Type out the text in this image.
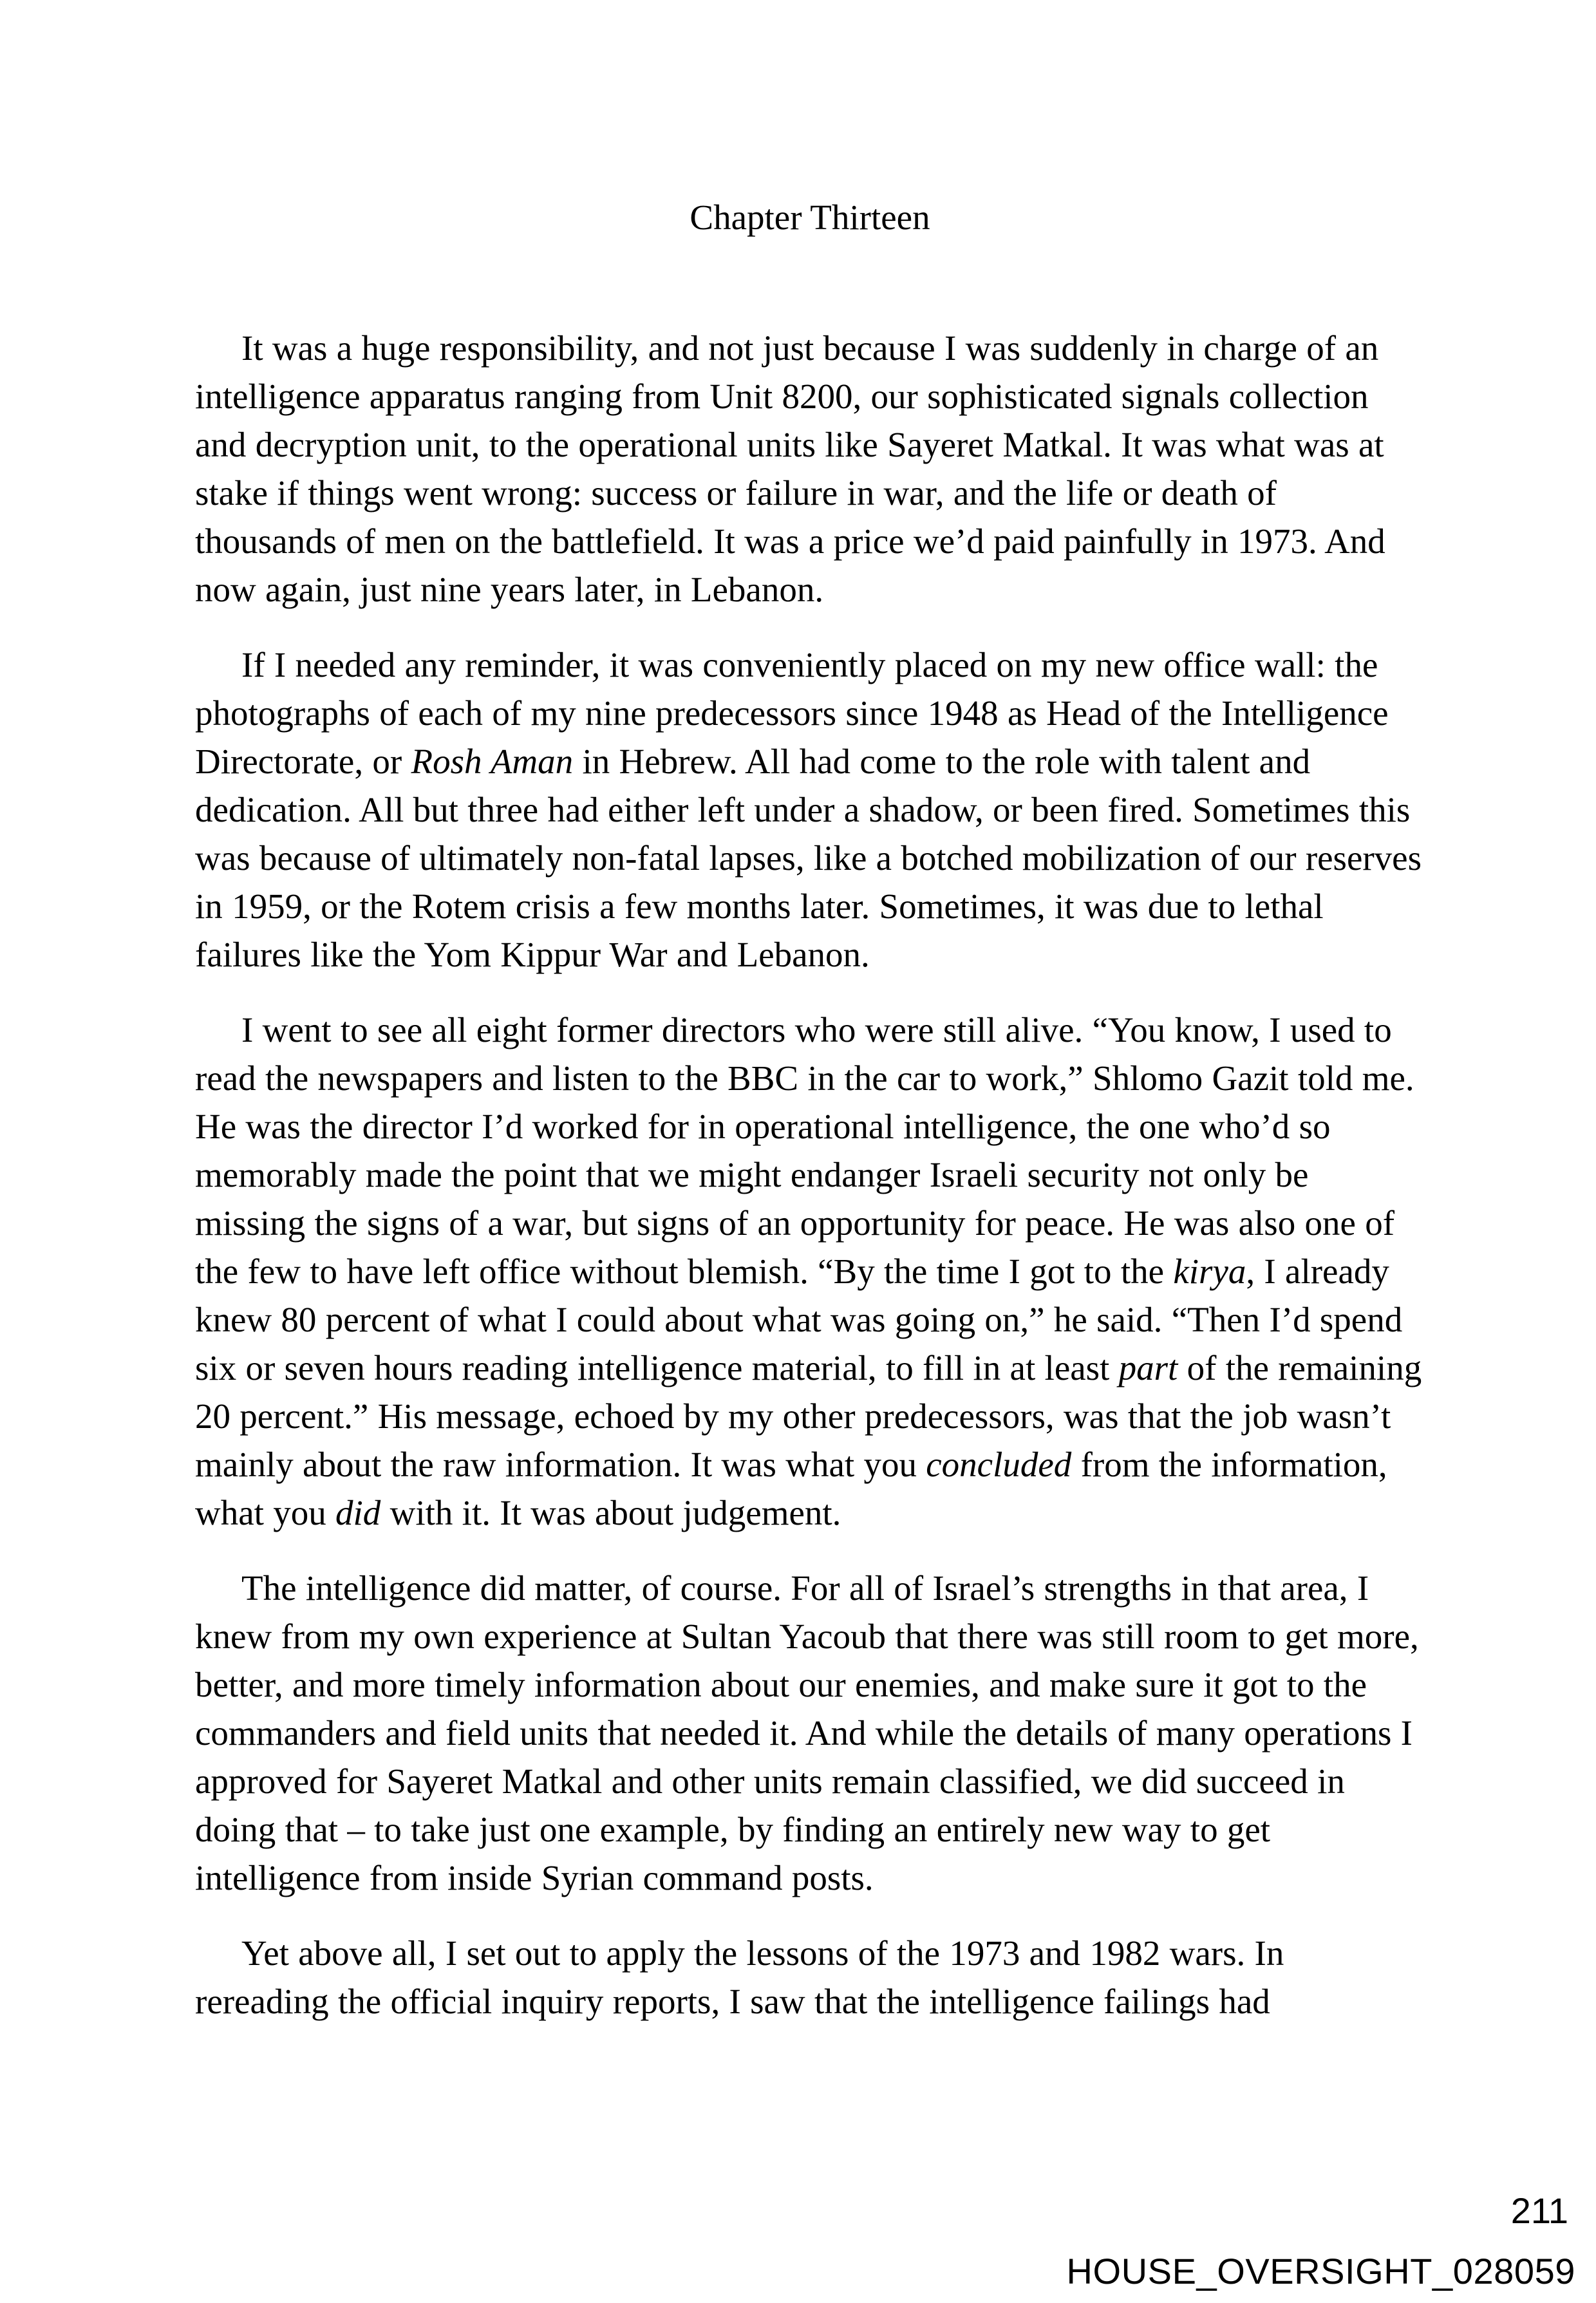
Chapter Thirteen

It was a huge responsibility, and not just because I was suddenly in charge of an intelligence apparatus ranging from Unit 8200, our sophisticated signals collection and decryption unit, to the operational units like Sayeret Matkal. It was what was at stake if things went wrong: success or failure in war, and the life or death of thousands of men on the battlefield. It was a price we’d paid painfully in 1973. And now again, just nine years later, in Lebanon.

If I needed any reminder, it was conveniently placed on my new office wall: the photographs of each of my nine predecessors since 1948 as Head of the Intelligence Directorate, or Rosh Aman in Hebrew. All had come to the role with talent and dedication. All but three had either left under a shadow, or been fired. Sometimes this was because of ultimately non-fatal lapses, like a botched mobilization of our reserves in 1959, or the Rotem crisis a few months later. Sometimes, it was due to lethal failures like the Yom Kippur War and Lebanon.

I went to see all eight former directors who were still alive. “You know, I used to read the newspapers and listen to the BBC in the car to work,” Shlomo Gazit told me. He was the director I’d worked for in operational intelligence, the one who’d so memorably made the point that we might endanger Israeli security not only be missing the signs of a war, but signs of an opportunity for peace. He was also one of the few to have left office without blemish. “By the time I got to the kirya, I already knew 80 percent of what I could about what was going on,” he said. “Then I’d spend six or seven hours reading intelligence material, to fill in at least part of the remaining 20 percent.” His message, echoed by my other predecessors, was that the job wasn’t mainly about the raw information. It was what you concluded from the information, what you did with it. It was about judgement.

The intelligence did matter, of course. For all of Israel’s strengths in that area, I knew from my own experience at Sultan Yacoub that there was still room to get more, better, and more timely information about our enemies, and make sure it got to the commanders and field units that needed it. And while the details of many operations I approved for Sayeret Matkal and other units remain classified, we did succeed in doing that – to take just one example, by finding an entirely new way to get intelligence from inside Syrian command posts.

Yet above all, I set out to apply the lessons of the 1973 and 1982 wars. In rereading the official inquiry reports, I saw that the intelligence failings had

211
HOUSE_OVERSIGHT_028059
